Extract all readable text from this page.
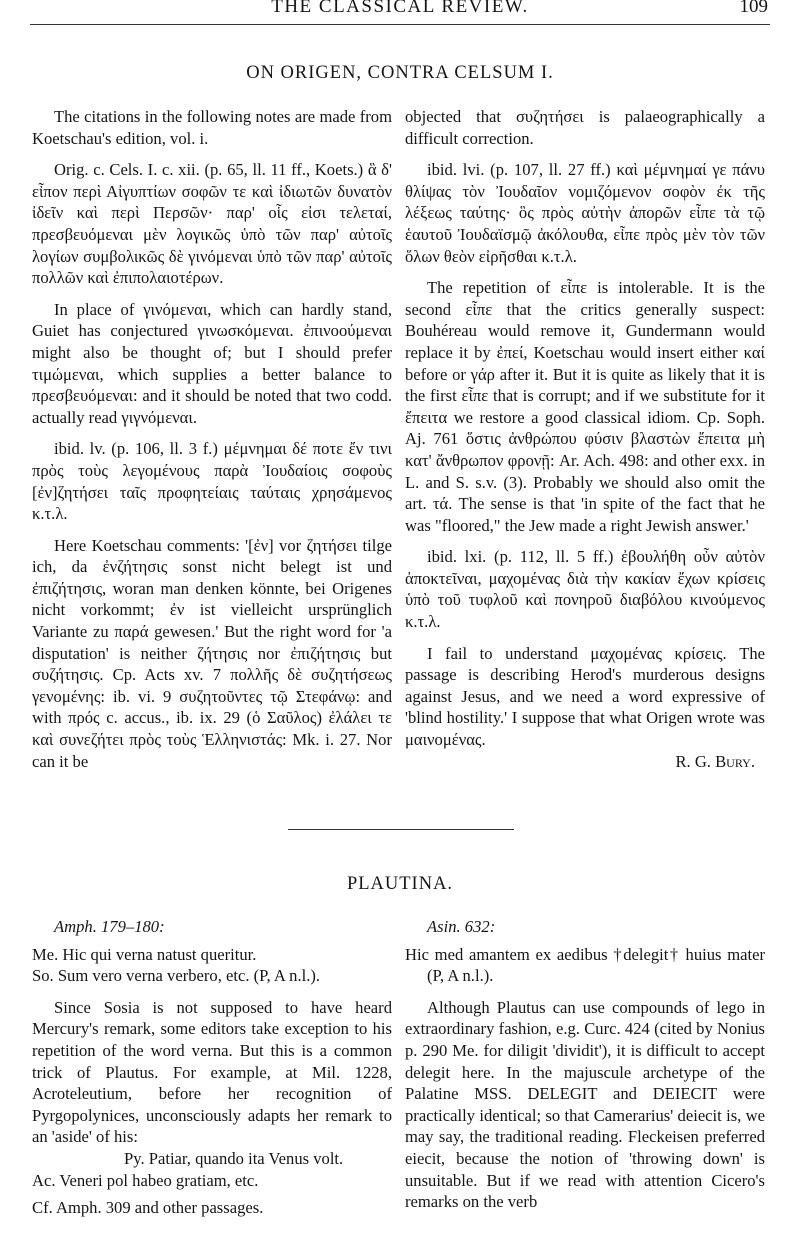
THE CLASSICAL REVIEW.	109
ON ORIGEN, CONTRA CELSUM I.

The citations in the following notes are made from Koetschau's edition, vol. i.

Orig. c. Cels. I. c. xii. (p. 65, ll. 11 ff., Koets.) ἃ δ' εἶπον περὶ Αἰγυπτίων σοφῶν τε καὶ ἰδιωτῶν δυνατὸν ἰδεῖν καὶ περὶ Περσῶν· παρ' οἷς εἰσι τελεταί, πρεσβευόμεναι μὲν λογικῶς ὑπὸ τῶν παρ' αὐτοῖς λογίων συμβολικῶς δὲ γινόμεναι ὑπὸ τῶν παρ' αὐτοῖς πολλῶν καὶ ἐπιπολαιοτέρων.

In place of γινόμεναι, which can hardly stand, Guiet has conjectured γινωσκόμεναι. ἐπινοούμεναι might also be thought of; but I should prefer τιμώμεναι, which supplies a better balance to πρεσβευόμεναι: and it should be noted that two codd. actually read γιγνόμεναι.

ibid. lv. (p. 106, ll. 3 f.) μέμνημαι δέ ποτε ἔν τινι πρὸς τοὺς λεγομένους παρὰ Ἰουδαίοις σοφοὺς [ἐν]ζητήσει ταῖς προφητείαις ταύταις χρησάμενος κ.τ.λ.

Here Koetschau comments: '[ἐν] vor ζητήσει tilge ich, da ἐνζήτησις sonst nicht belegt ist und ἐπιζήτησις, woran man denken könnte, bei Origenes nicht vorkommt; ἐν ist vielleicht ursprünglich Variante zu παρά gewesen.' But the right word for 'a disputation' is neither ζήτησις nor ἐπιζήτησις but συζήτησις. Cp. Acts xv. 7 πολλῆς δὲ συζητήσεως γενομένης: ib. vi. 9 συζητοῦντες τῷ Στεφάνῳ: and with πρός c. accus., ib. ix. 29 (ὁ Σαῦλος) ἐλάλει τε καὶ συνεζήτει πρὸς τοὺς Ἑλληνιστάς: Mk. i. 27. Nor can it be

objected that συζητήσει is palaeographically a difficult correction.

ibid. lvi. (p. 107, ll. 27 ff.) καὶ μέμνημαί γε πάνυ θλίψας τὸν Ἰουδαῖον νομιζόμενον σοφὸν ἐκ τῆς λέξεως ταύτης· ὃς πρὸς αὐτὴν ἀπορῶν εἶπε τὰ τῷ ἑαυτοῦ Ἰουδαϊσμῷ ἀκόλουθα, εἶπε πρὸς μὲν τὸν τῶν ὅλων θεὸν εἰρῆσθαι κ.τ.λ.

The repetition of εἶπε is intolerable. It is the second εἶπε that the critics generally suspect: Bouhéreau would remove it, Gundermann would replace it by ἐπεί, Koetschau would insert either καί before or γάρ after it. But it is quite as likely that it is the first εἶπε that is corrupt; and if we substitute for it ἔπειτα we restore a good classical idiom. Cp. Soph. Aj. 761 ὅστις ἀνθρώπου φύσιν βλαστὼν ἔπειτα μὴ κατ' ἄνθρωπον φρονῇ: Ar. Ach. 498: and other exx. in L. and S. s.v. (3). Probably we should also omit the art. τά. The sense is that 'in spite of the fact that he was "floored," the Jew made a right Jewish answer.'

ibid. lxi. (p. 112, ll. 5 ff.) ἐβουλήθη οὖν αὐτὸν ἀποκτεῖναι, μαχομένας διὰ τὴν κακίαν ἔχων κρίσεις ὑπὸ τοῦ τυφλοῦ καὶ πονηροῦ διαβόλου κινούμενος κ.τ.λ.

I fail to understand μαχομένας κρίσεις. The passage is describing Herod's murderous designs against Jesus, and we need a word expressive of 'blind hostility.' I suppose that what Origen wrote was μαινομένας.

R. G. Bury.

PLAUTINA.

Amph. 179–180:

Me. Hic qui verna natust queritur.

So. Sum vero verna verbero, etc. (P, A n.l.).

Since Sosia is not supposed to have heard Mercury's remark, some editors take exception to his repetition of the word verna. But this is a common trick of Plautus. For example, at Mil. 1228, Acroteleutium, before her recognition of Pyrgopolynices, unconsciously adapts her remark to an 'aside' of his:

Py. Patiar, quando ita Venus volt.

Ac. Veneri pol habeo gratiam, etc.

Cf. Amph. 309 and other passages.

Asin. 632:

Hic med amantem ex aedibus †delegit† huius mater (P, A n.l.).

Although Plautus can use compounds of lego in extraordinary fashion, e.g. Curc. 424 (cited by Nonius p. 290 Me. for diligit 'dividit'), it is difficult to accept delegit here. In the majuscule archetype of the Palatine MSS. DELEGIT and DEIECIT were practically identical; so that Camerarius' deiecit is, we may say, the traditional reading. Fleckeisen preferred eiecit, because the notion of 'throwing down' is unsuitable. But if we read with attention Cicero's remarks on the verb
